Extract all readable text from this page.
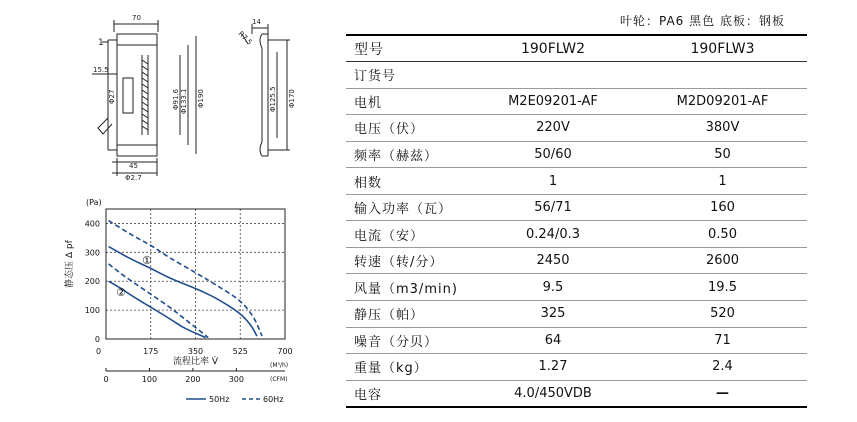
70
1
15.5
Φ27	Φ91.6 Φ133.1 Φ190
45
Φ2.7
14
R7.5
Φ125.5 Φ170
400
300
200
100
0
0	175	350	525	700
0	100	200	300
(Pa)
静态压 Δ pf
流程比率 V̇	(M³/h)
(CFM)
①
②
50Hz	60Hz
叶轮：PA6 黑色 底板：钢板
型号	190FLW2	190FLW3
订货号		
电机	M2E09201-AF	M2D09201-AF
电压（伏）	220V	380V
频率（赫兹）	50/60	50
相数	1	1
输入功率（瓦）	56/71	160
电流（安）	0.24/0.3	0.50
转速（转/分）	2450	2600
风量（m3/min)	9.5	19.5
静压（帕）	325	520
噪音（分贝）	64	71
重量（kg）	1.27	2.4
电容	4.0/450VDB	—
